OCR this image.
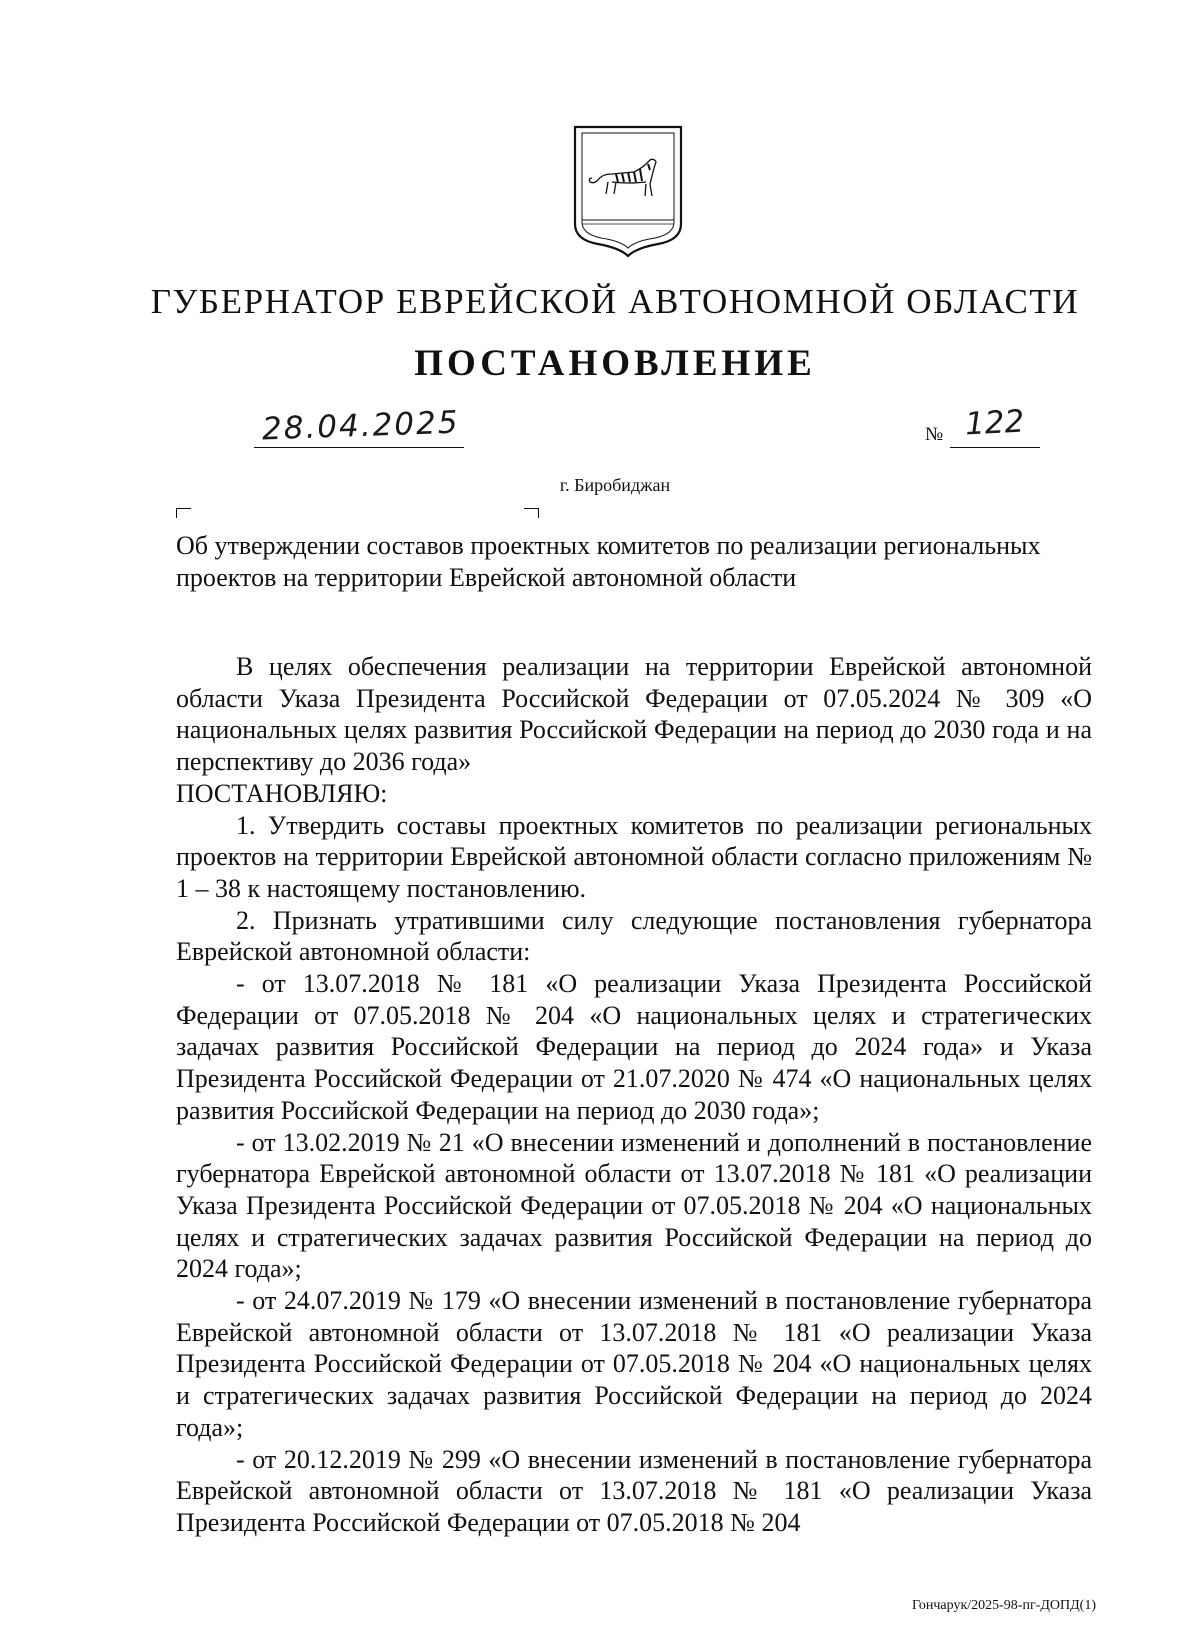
ГУБЕРНАТОР ЕВРЕЙСКОЙ АВТОНОМНОЙ ОБЛАСТИ
ПОСТАНОВЛЕНИЕ
28.04.2025	№ 122
г. Биробиджан
Об утверждении составов проектных комитетов по реализации региональных проектов на территории Еврейской автономной области

В целях обеспечения реализации на территории Еврейской автономной области Указа Президента Российской Федерации от 07.05.2024 № 309 «О национальных целях развития Российской Федерации на период до 2030 года и на перспективу до 2036 года»

ПОСТАНОВЛЯЮ:

1. Утвердить составы проектных комитетов по реализации региональных проектов на территории Еврейской автономной области согласно приложениям № 1 – 38 к настоящему постановлению.

2. Признать утратившими силу следующие постановления губернатора Еврейской автономной области:

- от 13.07.2018 № 181 «О реализации Указа Президента Российской Федерации от 07.05.2018 № 204 «О национальных целях и стратегических задачах развития Российской Федерации на период до 2024 года» и Указа Президента Российской Федерации от 21.07.2020 № 474 «О национальных целях развития Российской Федерации на период до 2030 года»;

- от 13.02.2019 № 21 «О внесении изменений и дополнений в постановление губернатора Еврейской автономной области от 13.07.2018 № 181 «О реализации Указа Президента Российской Федерации от 07.05.2018 № 204 «О национальных целях и стратегических задачах развития Российской Федерации на период до 2024 года»;

- от 24.07.2019 № 179 «О внесении изменений в постановление губернатора Еврейской автономной области от 13.07.2018 № 181 «О реализации Указа Президента Российской Федерации от 07.05.2018 № 204 «О национальных целях и стратегических задачах развития Российской Федерации на период до 2024 года»;

- от 20.12.2019 № 299 «О внесении изменений в постановление губернатора Еврейской автономной области от 13.07.2018 № 181 «О реализации Указа Президента Российской Федерации от 07.05.2018 № 204

Гончарук/2025-98-пг-ДОПД(1)
